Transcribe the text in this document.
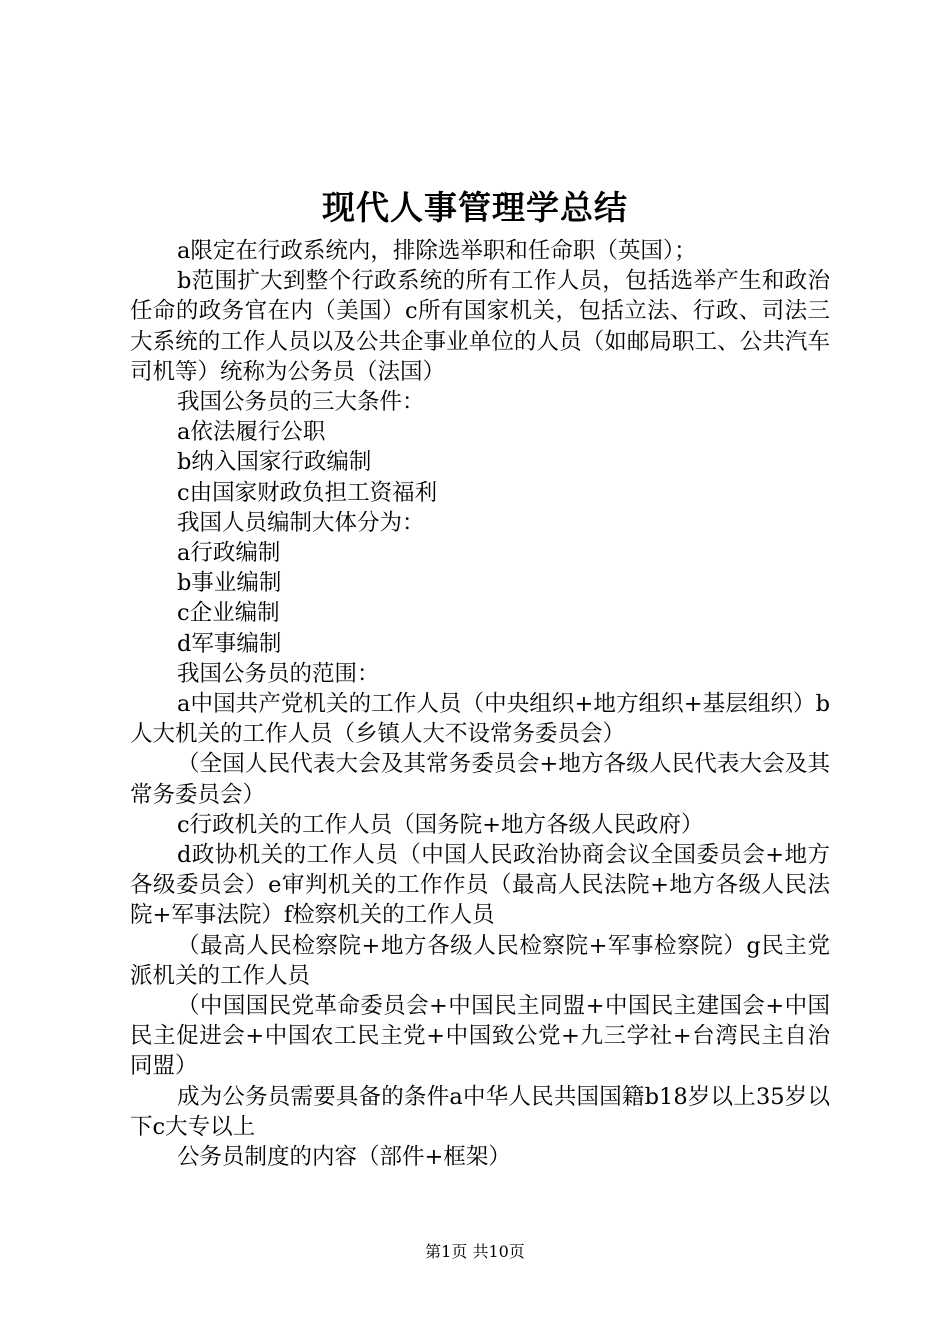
现代人事管理学总结

a限定在行政系统内，排除选举职和任命职（英国）；

b范围扩大到整个行政系统的所有工作人员，包括选举产生和政治任命的政务官在内（美国）c所有国家机关，包括立法、行政、司法三大系统的工作人员以及公共企事业单位的人员（如邮局职工、公共汽车司机等）统称为公务员（法国）

我国公务员的三大条件：

a依法履行公职

b纳入国家行政编制

c由国家财政负担工资福利

我国人员编制大体分为：

a行政编制

b事业编制

c企业编制

d军事编制

我国公务员的范围：

a中国共产党机关的工作人员（中央组织+地方组织+基层组织）b人大机关的工作人员（乡镇人大不设常务委员会）

（全国人民代表大会及其常务委员会+地方各级人民代表大会及其常务委员会）

c行政机关的工作人员（国务院+地方各级人民政府）

d政协机关的工作人员（中国人民政治协商会议全国委员会+地方各级委员会）e审判机关的工作作员（最高人民法院+地方各级人民法院+军事法院）f检察机关的工作人员

（最高人民检察院+地方各级人民检察院+军事检察院）g民主党派机关的工作人员

（中国国民党革命委员会+中国民主同盟+中国民主建国会+中国民主促进会+中国农工民主党+中国致公党+九三学社+台湾民主自治同盟）

成为公务员需要具备的条件a中华人民共国国籍b18岁以上35岁以下c大专以上

公务员制度的内容（部件+框架）

第1页 共10页
